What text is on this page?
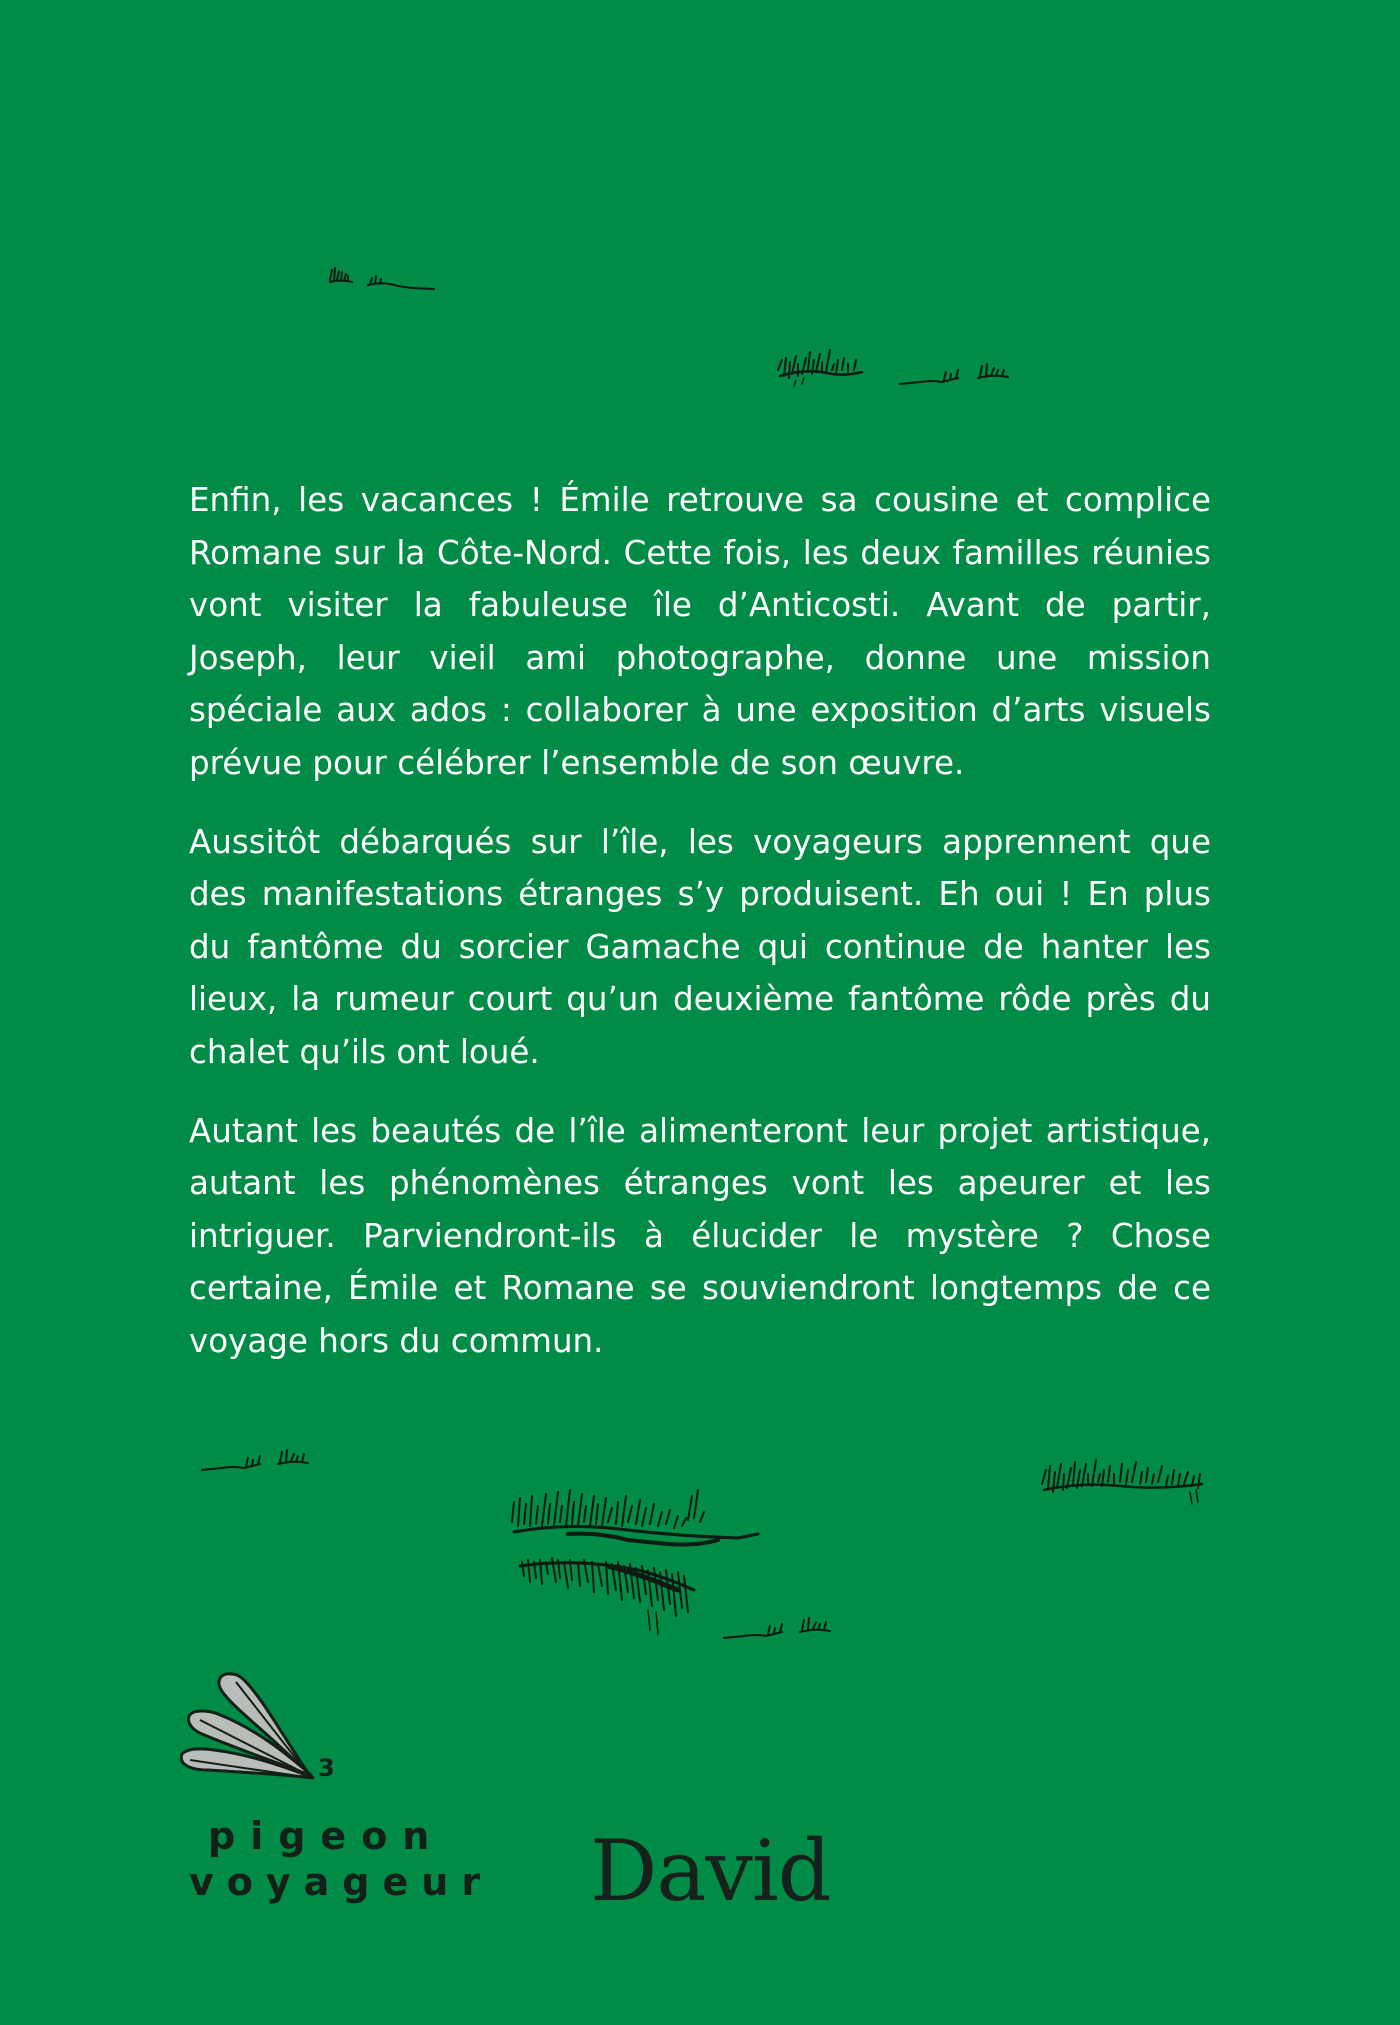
Enfin, les vacances ! Émile retrouve sa cousine et complice Romane sur la Côte-Nord. Cette fois, les deux familles réunies vont visiter la fabuleuse île d’Anticosti. Avant de partir, Joseph, leur vieil ami photographe, donne une mission spéciale aux ados : collaborer à une exposition d’arts visuels prévue pour célébrer l’ensemble de son œuvre.

Aussitôt débarqués sur l’île, les voyageurs apprennent que des manifestations étranges s’y produisent. Eh oui ! En plus du fantôme du sorcier Gamache qui continue de hanter les lieux, la rumeur court qu’un deuxième fantôme rôde près du chalet qu’ils ont loué.

Autant les beautés de l’île alimenteront leur projet artistique, autant les phénomènes étranges vont les apeurer et les intriguer. Parviendront-ils à élucider le mystère ? Chose certaine, Émile et Romane se souviendront longtemps de ce voyage hors du commun.

3
pigeon
voyageur David
